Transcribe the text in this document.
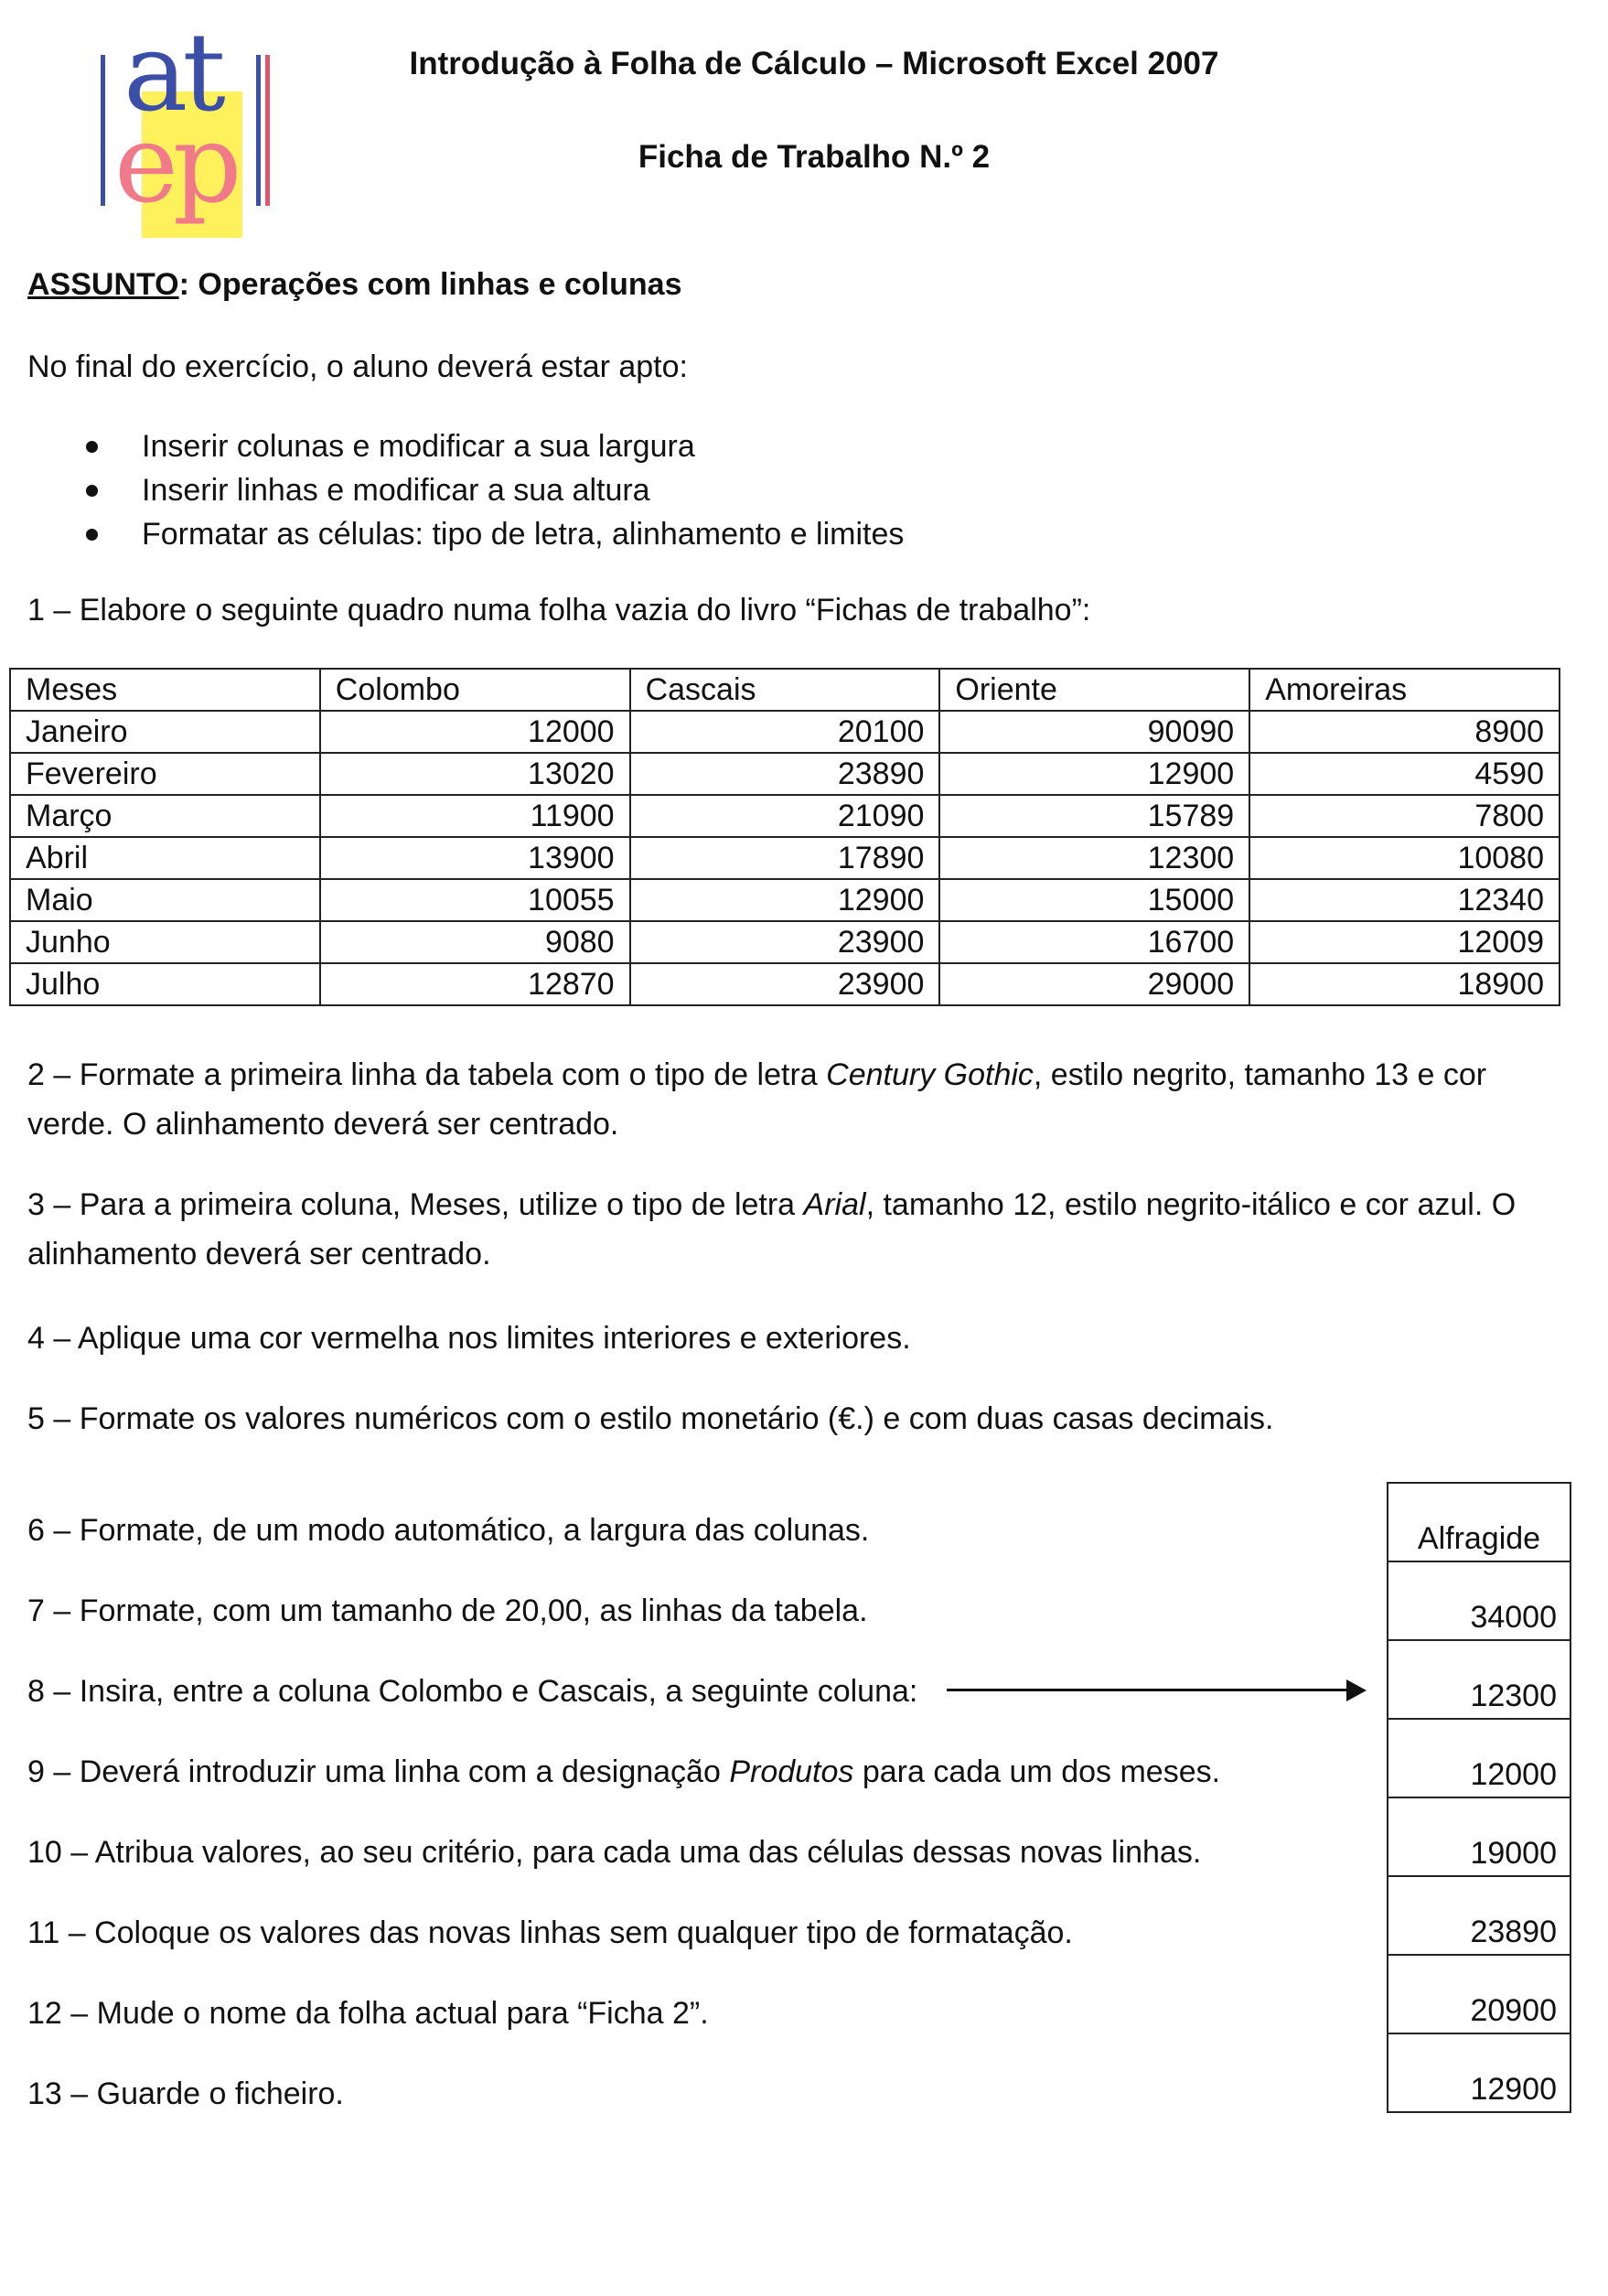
at
ep
Introdução à Folha de Cálculo – Microsoft Excel 2007
Ficha de Trabalho N.º 2
ASSUNTO: Operações com linhas e colunas
No final do exercício, o aluno deverá estar apto:
Inserir colunas e modificar a sua largura
Inserir linhas e modificar a sua altura
Formatar as células: tipo de letra, alinhamento e limites
1 – Elabore o seguinte quadro numa folha vazia do livro “Fichas de trabalho”:
Meses	Colombo	Cascais	Oriente	Amoreiras
Janeiro	12000	20100	90090	8900
Fevereiro	13020	23890	12900	4590
Março	11900	21090	15789	7800
Abril	13900	17890	12300	10080
Maio	10055	12900	15000	12340
Junho	9080	23900	16700	12009
Julho	12870	23900	29000	18900
2 – Formate a primeira linha da tabela com o tipo de letra Century Gothic, estilo negrito, tamanho 13 e cor verde. O alinhamento deverá ser centrado.
3 – Para a primeira coluna, Meses, utilize o tipo de letra Arial, tamanho 12, estilo negrito-itálico e cor azul. O alinhamento deverá ser centrado.
4 – Aplique uma cor vermelha nos limites interiores e exteriores.
5 – Formate os valores numéricos com o estilo monetário (€.) e com duas casas decimais.
6 – Formate, de um modo automático, a largura das colunas.
7 – Formate, com um tamanho de 20,00, as linhas da tabela.
8 – Insira, entre a coluna Colombo e Cascais, a seguinte coluna:
9 – Deverá introduzir uma linha com a designação Produtos para cada um dos meses.
10 – Atribua valores, ao seu critério, para cada uma das células dessas novas linhas.
11 – Coloque os valores das novas linhas sem qualquer tipo de formatação.
12 – Mude o nome da folha actual para “Ficha 2”.
13 – Guarde o ficheiro.
Alfragide
34000
12300
12000
19000
23890
20900
12900
